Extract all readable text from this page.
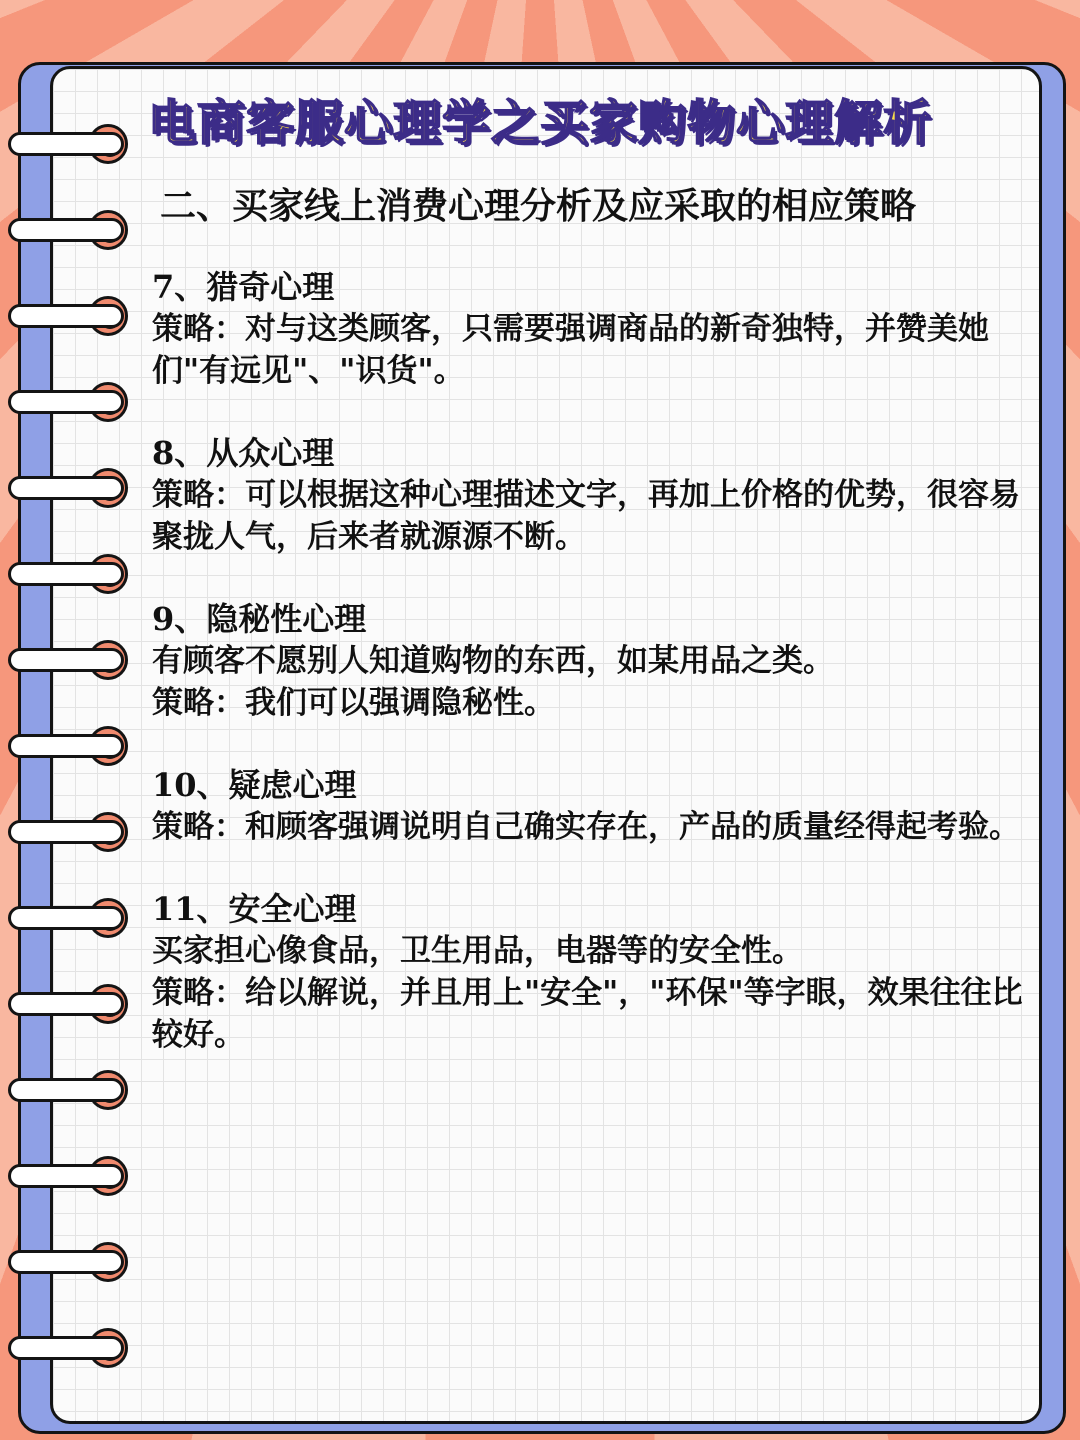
电商客服心理学之买家购物心理解析
二、买家线上消费心理分析及应采取的相应策略
7、猎奇心理
策略：对与这类顾客，只需要强调商品的新奇独特，并赞美她们"有远见"、"识货"。
8、从众心理
策略：可以根据这种心理描述文字，再加上价格的优势，很容易聚拢人气，后来者就源源不断。
9、隐秘性心理
有顾客不愿别人知道购物的东西，如某用品之类。
策略：我们可以强调隐秘性。
10、疑虑心理
策略：和顾客强调说明自己确实存在，产品的质量经得起考验。
11、安全心理
买家担心像食品，卫生用品，电器等的安全性。
策略：给以解说，并且用上"安全"，"环保"等字眼，效果往往比较好。
